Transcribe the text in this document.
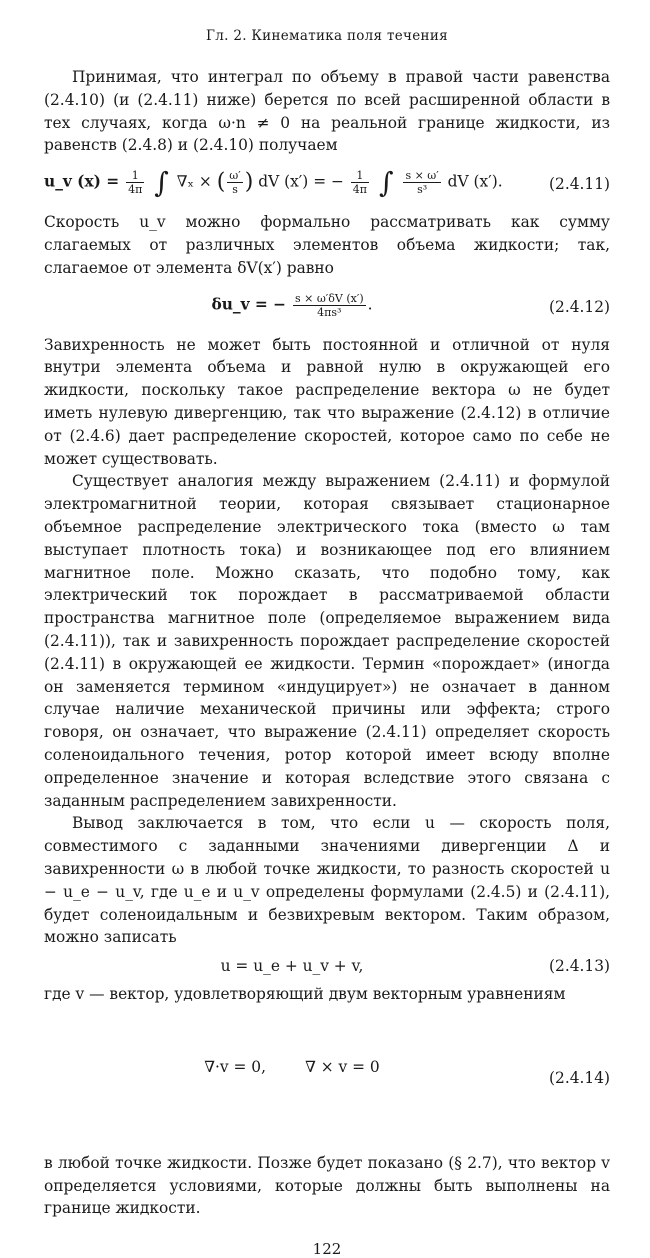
Гл. 2. Кинематика поля течения

Принимая, что интеграл по объему в правой части равенства (2.4.10) (и (2.4.11) ниже) берется по всей расширенной области в тех случаях, когда ω·n ≠ 0 на реальной границе жидкости, из равенств (2.4.8) и (2.4.10) получаем

u_v $(x) = \frac{1}{4\pi}$ ∫ ∇ₓ × ( $\frac{\omega'}{s}$ ) dV (x′) = − $\frac{1}{4\pi}$ ∫ $\frac{s \times \omega'}{\text{s³}}$ dV (x′).	(2.4.11)

Скорость u_v можно формально рассматривать как сумму слагаемых от различных элементов объема жидкости; так, слагаемое от элемента δV(x′) равно

δu_v = − $\frac{s \times \omega'\delta V (x')}{\text{4πs³}}$ .	(2.4.12)

Завихренность не может быть постоянной и отличной от нуля внутри элемента объема и равной нулю в окружающей его жидкости, поскольку такое распределение вектора ω не будет иметь нулевую дивергенцию, так что выражение (2.4.12) в отличие от (2.4.6) дает распределение скоростей, которое само по себе не может существовать.

Существует аналогия между выражением (2.4.11) и формулой электромагнитной теории, которая связывает стационарное объемное распределение электрического тока (вместо ω там выступает плотность тока) и возникающее под его влиянием магнитное поле. Можно сказать, что подобно тому, как электрический ток порождает в рассматриваемой области пространства магнитное поле (определяемое выражением вида (2.4.11)), так и завихренность порождает распределение скоростей (2.4.11) в окружающей ее жидкости. Термин «порождает» (иногда он заменяется термином «индуцирует») не означает в данном случае наличие механической причины или эффекта; строго говоря, он означает, что выражение (2.4.11) определяет скорость соленоидального течения, ротор которой имеет всюду вполне определенное значение и которая вследствие этого связана с заданным распределением завихренности.

Вывод заключается в том, что если u — скорость поля, совместимого с заданными значениями дивергенции Δ и завихренности ω в любой точке жидкости, то разность скоростей u − u_e − u_v, где u_e и u_v определены формулами (2.4.5) и (2.4.11), будет соленоидальным и безвихревым вектором. Таким образом, можно записать

u = u_e + u_v + v,	(2.4.13)

где v — вектор, удовлетворяющий двум векторным уравнениям

∇·v = 0,        ∇ × v = 0

(2.4.14)

в любой точке жидкости. Позже будет показано (§ 2.7), что вектор v определяется условиями, которые должны быть выполнены на границе жидкости.

122
